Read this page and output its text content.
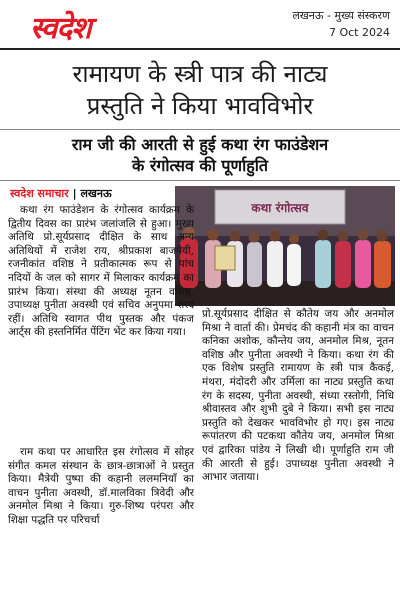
स्वदेश	लखनऊ - मुख्य संस्करण
7 Oct 2024
रामायण के स्त्री पात्र की नाट्य
प्रस्तुति ने किया भावविभोर
राम जी की आरती से हुई कथा रंग फाउंडेशन
के रंगोत्सव की पूर्णाहुति
स्वदेश समाचार | लखनऊ
कथा रंगोत्सव

कथा रंग फाउंडेशन के रंगोत्सव कार्यक्रम के द्वितीय दिवस का प्रारंभ जलांजलि से हुआ। मुख्य अतिथि प्रो.सूर्यप्रसाद दीक्षित के साथ अन्य अतिथियों में राजेश राय, श्रीप्रकाश बाजपेयी, रजनीकांत वशिष्ठ ने प्रतीकात्मक रूप से पांच नदियों के जल को सागर में मिलाकर कार्यक्रम का प्रारंभ किया। संस्था की अध्यक्ष नूतन वशिष्ठ, उपाध्यक्ष पुनीता अवस्थी एवं सचिव अनुपमा शरद रहीं। अतिथि स्वागत पीथ पुस्तक और पंकज आर्ट्स की हस्तनिर्मित पेंटिंग भेंट कर किया गया।

राम कथा पर आधारित इस रंगोत्सव में सोहर संगीत कमल संस्थान के छात्र-छात्राओं ने प्रस्तुत किया। मैत्रेयी पुष्पा की कहानी ललमनियाँ का वाचन पुनीता अवस्थी, डॉ.मालविका त्रिवेदी और अनमोल मिश्रा ने किया। गुरु-शिष्य परंपरा और शिक्षा पद्धति पर परिचर्चा

प्रो.सूर्यप्रसाद दीक्षित से कौतेय जय और अनमोल मिश्रा ने वार्ता की। प्रेमचंद की कहानी मंत्र का वाचन कनिका अशोक, कौन्तेय जय, अनमोल मिश्र, नूतन वशिष्ठ और पुनीता अवस्थी ने किया। कथा रंग की एक विशेष प्रस्तुति रामायण के स्त्री पात्र कैकई, मंथरा, मंदोदरी और उर्मिला का नाट्य प्रस्तुति कथा रंग के सदस्य, पुनीता अवस्थी, संध्या रस्तोगी, निधि श्रीवास्तव और शुभी दुबे ने किया। सभी इस नाट्य प्रस्तुति को देखकर भावविभोर हो गए। इस नाट्य रूपांतरण की पटकथा कौतेय जय, अनमोल मिश्रा एवं द्वारिका पांडेय ने लिखी थी। पूर्णाहुति राम जी की आरती से हुई। उपाध्यक्ष पुनीता अवस्थी ने आभार जताया।
